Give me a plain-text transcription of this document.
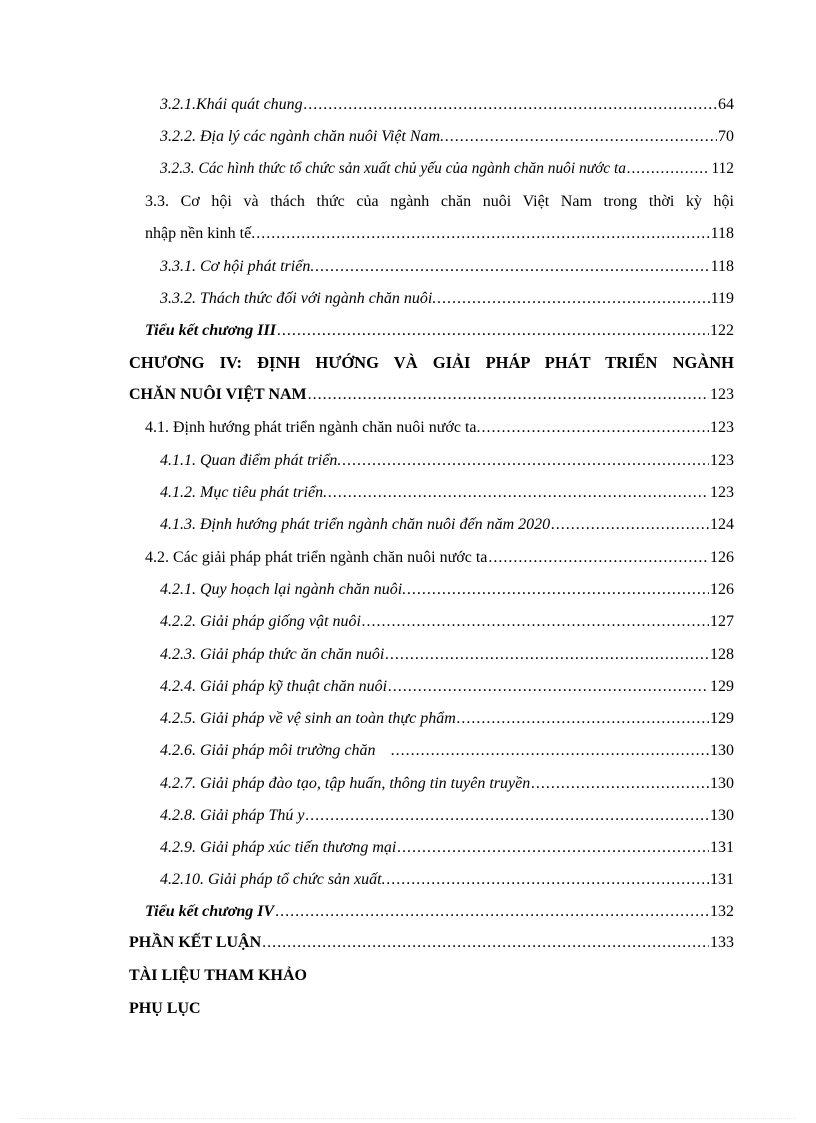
3.2.1.Khái quát chung .....	64
3.2.2. Địa lý các ngành chăn nuôi Việt Nam. .....	70
3.2.3. Các hình thức tổ chức sản xuất chủ yếu của ngành chăn nuôi nước ta .....	112
3.3. Cơ hội và thách thức của ngành chăn nuôi Việt Nam trong thời kỳ hội
nhập nền kinh tế. .....	118
3.3.1. Cơ hội phát triển. .....	118
3.3.2. Thách thức đối với ngành chăn nuôi. .....	119
Tiểu kết chương III .....	122
CHƯƠNG IV: ĐỊNH HƯỚNG VÀ GIẢI PHÁP PHÁT TRIỂN NGÀNH
CHĂN NUÔI VIỆT NAM .....	123
4.1. Định hướng phát triển ngành chăn nuôi nước ta. .....	123
4.1.1. Quan điểm phát triển. .....	123
4.1.2. Mục tiêu phát triển. .....	123
4.1.3. Định hướng phát triển ngành chăn nuôi đến năm 2020 .....	124
4.2. Các giải pháp phát triển ngành chăn nuôi nước ta .....	126
4.2.1. Quy hoạch lại ngành chăn nuôi. .....	126
4.2.2. Giải pháp giống vật nuôi .....	127
4.2.3. Giải pháp thức ăn chăn nuôi .....	128
4.2.4. Giải pháp kỹ thuật chăn nuôi .....	129
4.2.5. Giải pháp về vệ sinh an toàn thực phẩm .....	129
4.2.6. Giải pháp môi trường chăn .....	130
4.2.7. Giải pháp đào tạo, tập huấn, thông tin tuyên truyền .....	130
4.2.8. Giải pháp Thú y .....	130
4.2.9. Giải pháp xúc tiến thương mại .....	131
4.2.10. Giải pháp tổ chức sản xuất. .....	131
Tiểu kết chương IV .....	132
PHẦN KẾT LUẬN .....	133
TÀI LIỆU THAM KHẢO
PHỤ LỤC
